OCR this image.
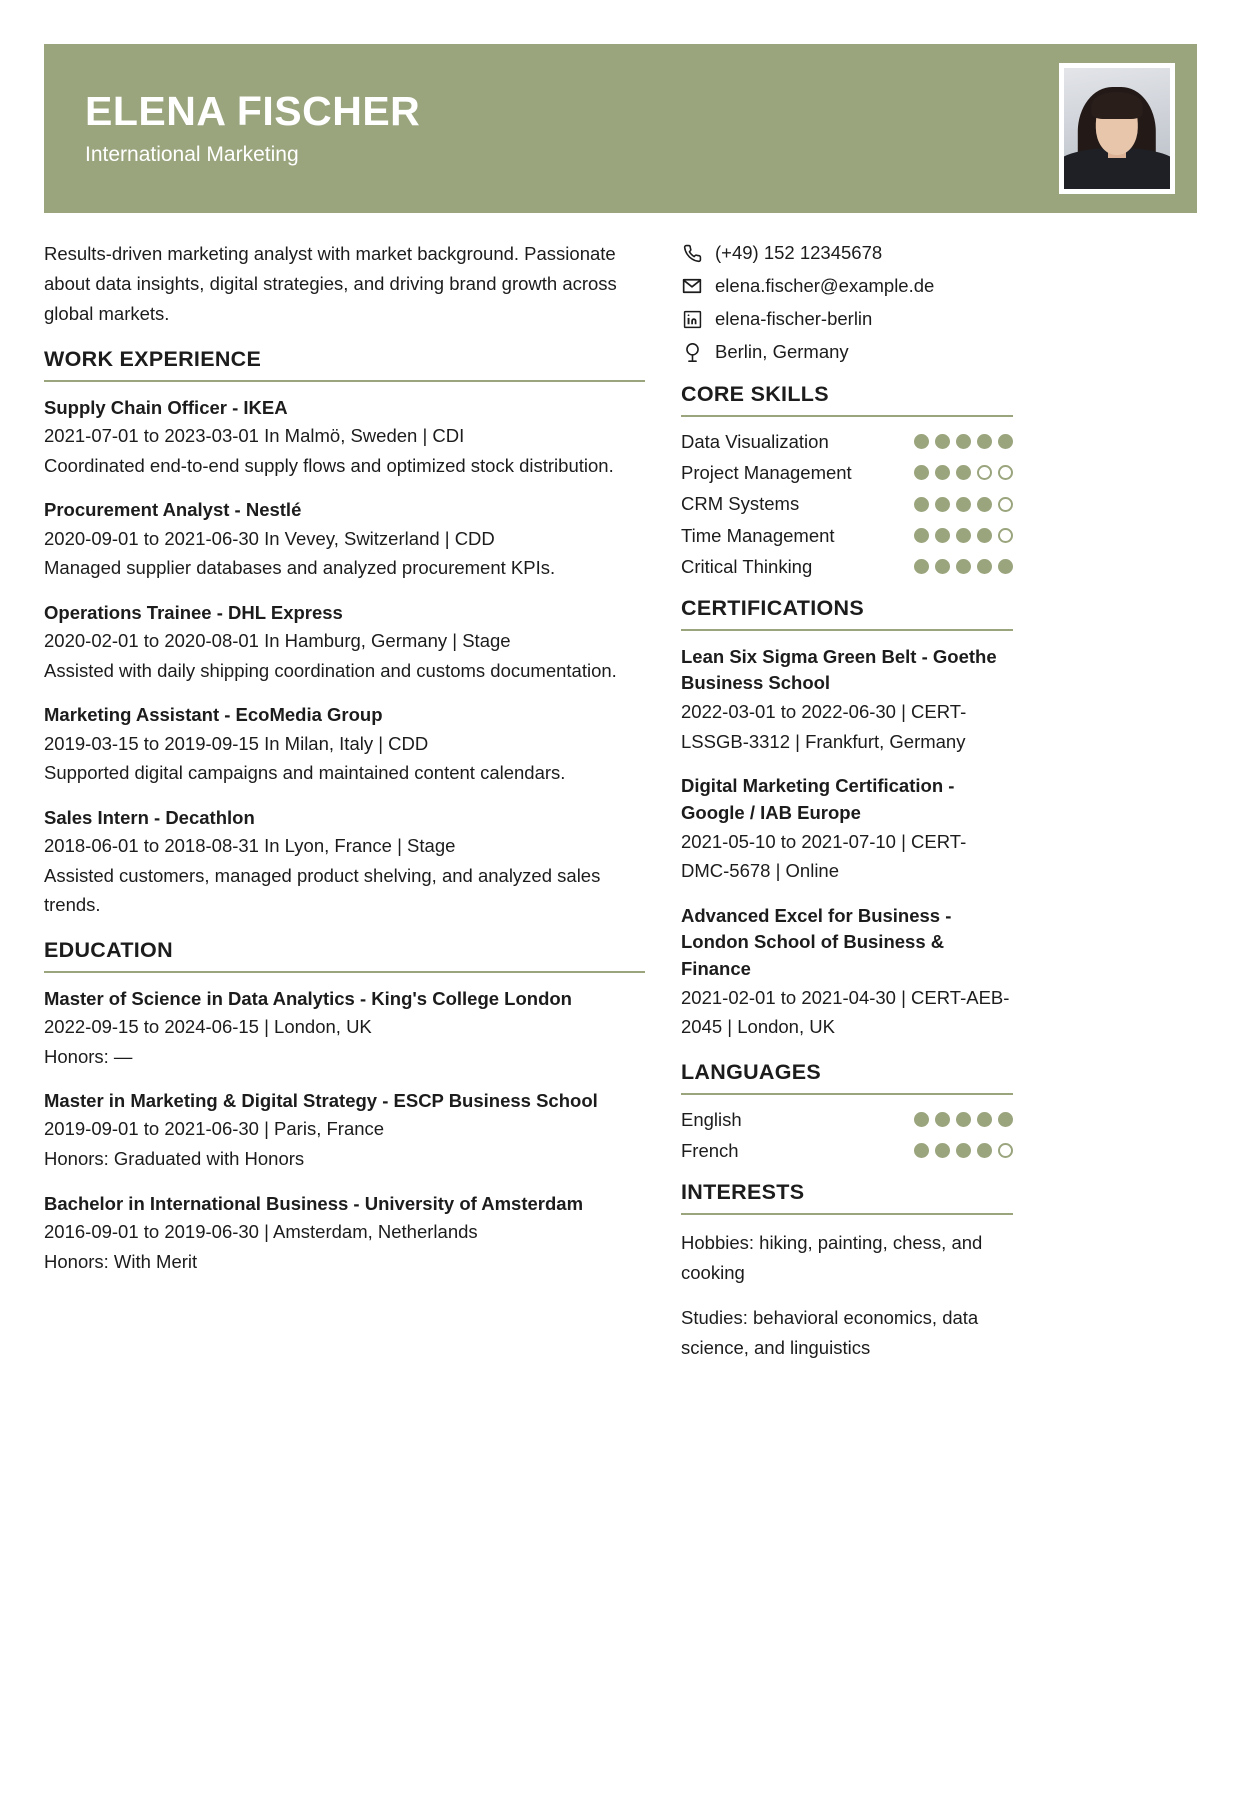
ELENA FISCHER
International Marketing
Results-driven marketing analyst with market background. Passionate about data insights, digital strategies, and driving brand growth across global markets.
WORK EXPERIENCE
Supply Chain Officer - IKEA
2021-07-01 to 2023-03-01 In Malmö, Sweden | CDI
Coordinated end-to-end supply flows and optimized stock distribution.
Procurement Analyst - Nestlé
2020-09-01 to 2021-06-30 In Vevey, Switzerland | CDD
Managed supplier databases and analyzed procurement KPIs.
Operations Trainee - DHL Express
2020-02-01 to 2020-08-01 In Hamburg, Germany | Stage
Assisted with daily shipping coordination and customs documentation.
Marketing Assistant - EcoMedia Group
2019-03-15 to 2019-09-15 In Milan, Italy | CDD
Supported digital campaigns and maintained content calendars.
Sales Intern - Decathlon
2018-06-01 to 2018-08-31 In Lyon, France | Stage
Assisted customers, managed product shelving, and analyzed sales trends.
EDUCATION
Master of Science in Data Analytics - King's College London
2022-09-15 to 2024-06-15 | London, UK
Honors: —
Master in Marketing & Digital Strategy - ESCP Business School
2019-09-01 to 2021-06-30 | Paris, France
Honors: Graduated with Honors
Bachelor in International Business - University of Amsterdam
2016-09-01 to 2019-06-30 | Amsterdam, Netherlands
Honors: With Merit
(+49) 152 12345678
elena.fischer@example.de
elena-fischer-berlin
Berlin, Germany
CORE SKILLS
Data Visualization
Project Management
CRM Systems
Time Management
Critical Thinking
CERTIFICATIONS
Lean Six Sigma Green Belt - Goethe Business School
2022-03-01 to 2022-06-30 | CERT-LSSGB-3312 | Frankfurt, Germany
Digital Marketing Certification - Google / IAB Europe
2021-05-10 to 2021-07-10 | CERT-DMC-5678 | Online
Advanced Excel for Business - London School of Business & Finance
2021-02-01 to 2021-04-30 | CERT-AEB-2045 | London, UK
LANGUAGES
English
French
INTERESTS
Hobbies: hiking, painting, chess, and cooking
Studies: behavioral economics, data science, and linguistics
